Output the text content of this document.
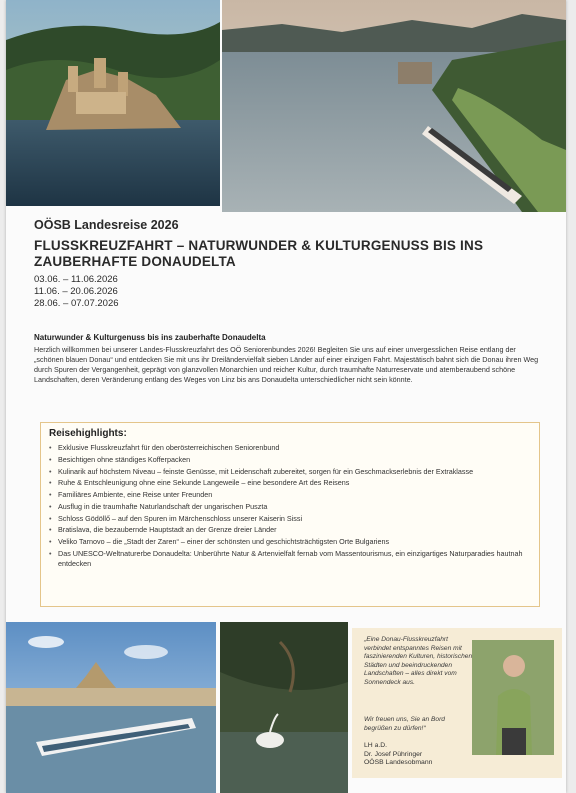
OÖSB Landesreise 2026
FLUSSKREUZFAHRT – NATURWUNDER & KULTURGENUSS BIS INS ZAUBERHAFTE DONAUDELTA
03.06. – 11.06.2026
11.06. – 20.06.2026
28.06. – 07.07.2026
Naturwunder & Kulturgenuss bis ins zauberhafte Donaudelta

Herzlich willkommen bei unserer Landes-Flusskreuzfahrt des OÖ Seniorenbundes 2026! Begleiten Sie uns auf einer unvergesslichen Reise entlang der „schönen blauen Donau“ und entdecken Sie mit uns ihr Dreiländervielfalt sieben Länder auf einer einzigen Fahrt. Majestätisch bahnt sich die Donau ihren Weg durch Spuren der Vergangenheit, geprägt von glanzvollen Monarchien und reicher Kultur, durch traumhafte Naturreservate und atemberaubend schöne Landschaften, deren Veränderung entlang des Weges von Linz bis ans Donaudelta unterschiedlicher nicht sein könnte.

Reisehighlights:
• Exklusive Flusskreuzfahrt für den oberösterreichischen Seniorenbund
• Besichtigen ohne ständiges Kofferpacken
• Kulinarik auf höchstem Niveau – feinste Genüsse, mit Leidenschaft zubereitet, sorgen für ein Geschmackserlebnis der Extraklasse
• Ruhe & Entschleunigung ohne eine Sekunde Langeweile – eine besondere Art des Reisens
• Familiäres Ambiente, eine Reise unter Freunden
• Ausflug in die traumhafte Naturlandschaft der ungarischen Puszta
• Schloss Gödöllő – auf den Spuren im Märchenschloss unserer Kaiserin Sissi
• Bratislava, die bezaubernde Hauptstadt an der Grenze dreier Länder
• Veliko Tarnovo – die „Stadt der Zaren“ – einer der schönsten und geschichtsträchtigsten Orte Bulgariens
• Das UNESCO-Weltnaturerbe Donaudelta: Unberührte Natur & Artenvielfalt fernab vom Massentourismus, ein einzigartiges Naturparadies hautnah entdecken

„Eine Donau-Flusskreuzfahrt verbindet entspanntes Reisen mit faszinierenden Kulturen, historischen Städten und beeindruckenden Landschaften – alles direkt vom Sonnendeck aus.

Wir freuen uns, Sie an Bord begrüßen zu dürfen!“

LH a.D.
Dr. Josef Pühringer
OÖSB Landesobmann
